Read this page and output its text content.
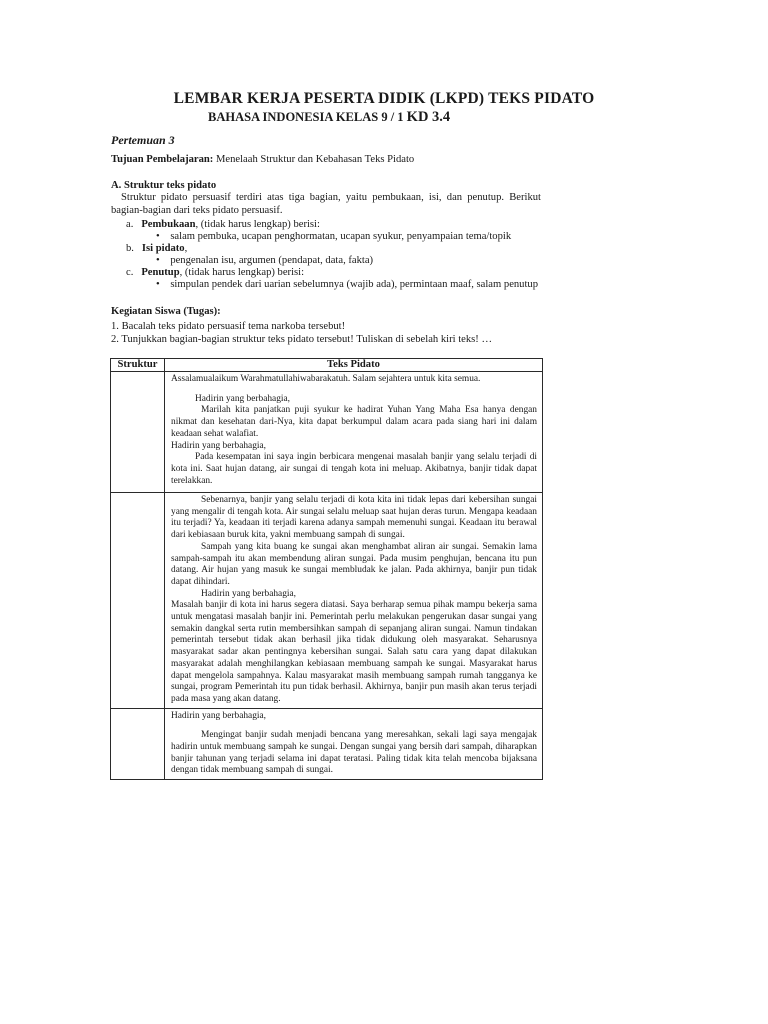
LEMBAR KERJA PESERTA DIDIK (LKPD) TEKS PIDATO
BAHASA INDONESIA KELAS 9 / 1 KD 3.4
Pertemuan 3
Tujuan Pembelajaran: Menelaah Struktur dan Kebahasan Teks Pidato
A. Struktur teks pidato
Struktur pidato persuasif terdiri atas tiga bagian, yaitu pembukaan, isi, dan penutup. Berikut bagian-bagian dari teks pidato persuasif.
a. Pembukaan, (tidak harus lengkap) berisi:
• salam pembuka, ucapan penghormatan, ucapan syukur, penyampaian tema/topik
b. Isi pidato,
• pengenalan isu, argumen (pendapat, data, fakta)
c. Penutup, (tidak harus lengkap) berisi:
• simpulan pendek dari uarian sebelumnya (wajib ada), permintaan maaf, salam penutup
Kegiatan Siswa (Tugas):
1. Bacalah teks pidato persuasif tema narkoba tersebut!
2. Tunjukkan bagian-bagian struktur teks pidato tersebut! Tuliskan di sebelah kiri teks! …
Struktur	Teks Pidato

	Assalamualaikum Warahmatullahiwabarakatuh. Salam sejahtera untuk kita semua.

Hadirin yang berbahagia,

Marilah kita panjatkan puji syukur ke hadirat Yuhan Yang Maha Esa hanya dengan nikmat dan kesehatan dari-Nya, kita dapat berkumpul dalam acara pada siang hari ini dalam keadaan sehat walafiat.

Hadirin yang berbahagia,

Pada kesempatan ini saya ingin berbicara mengenai masalah banjir yang selalu terjadi di kota ini. Saat hujan datang, air sungai di tengah kota ini meluap. Akibatnya, banjir tidak dapat terelakkan.

	Sebenarnya, banjir yang selalu terjadi di kota kita ini tidak lepas dari kebersihan sungai yang mengalir di tengah kota. Air sungai selalu meluap saat hujan deras turun. Mengapa keadaan itu terjadi? Ya, keadaan iti terjadi karena adanya sampah memenuhi sungai. Keadaan itu berawal dari kebiasaan buruk kita, yakni membuang sampah di sungai.

Sampah yang kita buang ke sungai akan menghambat aliran air sungai. Semakin lama sampah-sampah itu akan membendung aliran sungai. Pada musim penghujan, bencana itu pun datang. Air hujan yang masuk ke sungai membludak ke jalan. Pada akhirnya, banjir pun tidak dapat dihindari.

Hadirin yang berbahagia,

Masalah banjir di kota ini harus segera diatasi. Saya berharap semua pihak mampu bekerja sama untuk mengatasi masalah banjir ini. Pemerintah perlu melakukan pengerukan dasar sungai yang semakin dangkal serta rutin membersihkan sampah di sepanjang aliran sungai. Namun tindakan pemerintah tersebut tidak akan berhasil jika tidak didukung oleh masyarakat. Seharusnya masyarakat sadar akan pentingnya kebersihan sungai. Salah satu cara yang dapat dilakukan masyarakat adalah menghilangkan kebiasaan membuang sampah ke sungai. Masyarakat harus dapat mengelola sampahnya. Kalau masyarakat masih membuang sampah rumah tangganya ke sungai, program Pemerintah itu pun tidak berhasil. Akhirnya, banjir pun masih akan terus terjadi pada masa yang akan datang.

	Hadirin yang berbahagia,

Mengingat banjir sudah menjadi bencana yang meresahkan, sekali lagi saya mengajak hadirin untuk membuang sampah ke sungai. Dengan sungai yang bersih dari sampah, diharapkan banjir tahunan yang terjadi selama ini dapat teratasi. Paling tidak kita telah mencoba bijaksana dengan tidak membuang sampah di sungai.
